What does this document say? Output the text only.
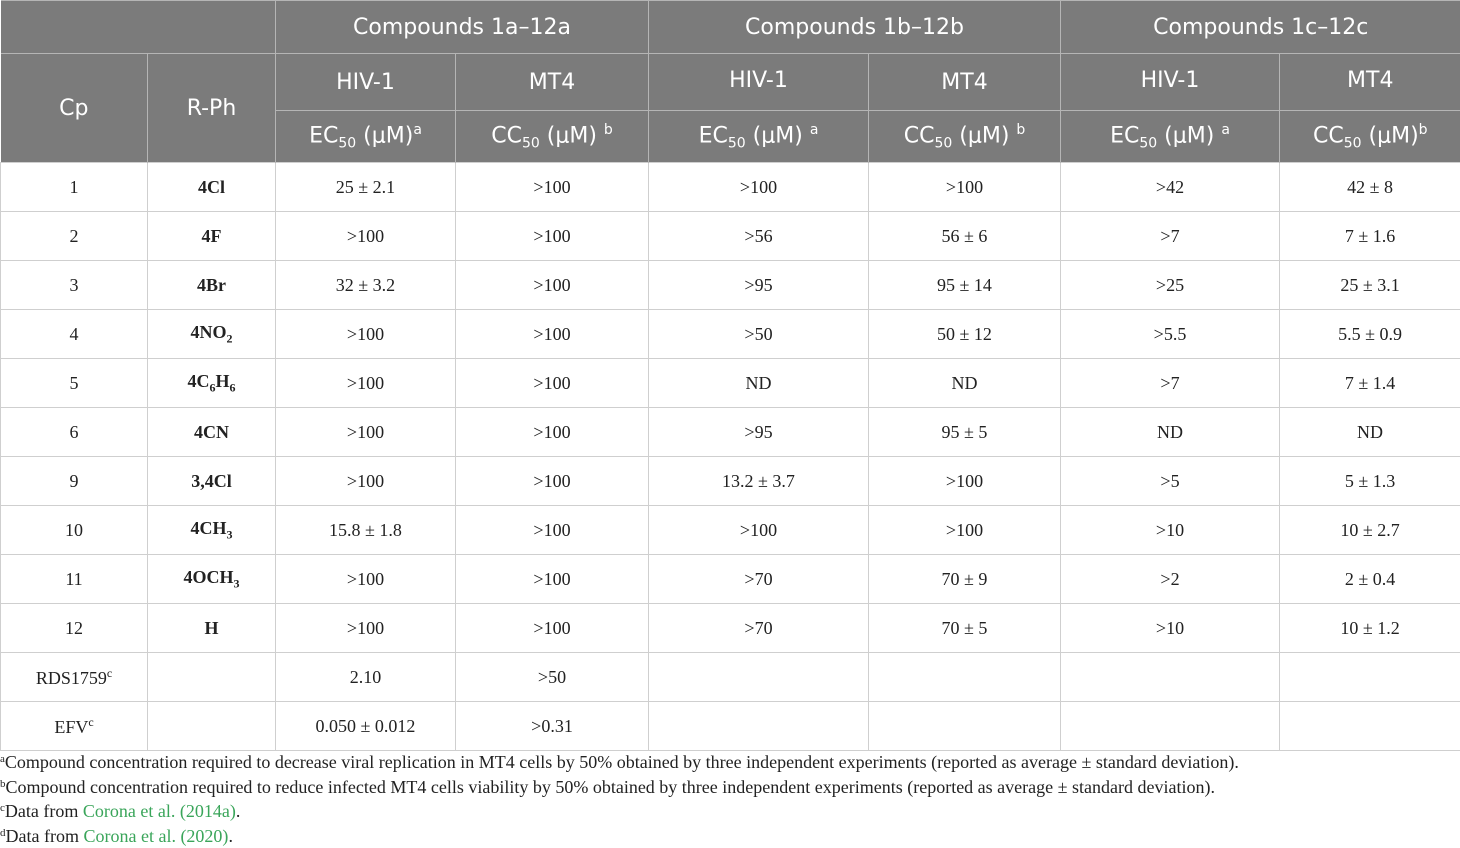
		Compounds 1a–12a		Compounds 1b–12b		Compounds 1c–12c	
Cp	R-Ph	HIV-1	MT4	HIV-1	MT4	HIV-1	MT4
		$EC_{50}$ $(\mu M)^a$	$CC_{50}$ (μM) $^b$	$EC_{50}$ (μM) $^a$	$CC_{50}$ (μM) $^b$	$EC_{50}$ (μM) $^a$	$CC_{50}$ $(\mu M)^b$
1	4Cl	25 ± 2.1	>100	>100	>100	>42	42 ± 8
2	4F	>100	>100	>56	56 ± 6	>7	7 ± 1.6
3	4Br	32 ± 3.2	>100	>95	95 ± 14	>25	25 ± 3.1
4	$4NO_2$	>100	>100	>50	50 ± 12	>5.5	5.5 ± 0.9
5	$4C_6H_6$	>100	>100	ND	ND	>7	7 ± 1.4
6	4CN	>100	>100	>95	95 ± 5	ND	ND
9	3,4Cl	>100	>100	13.2 ± 3.7	>100	>5	5 ± 1.3
10	$4CH_3$	15.8 ± 1.8	>100	>100	>100	>10	10 ± 2.7
11	$4OCH_3$	>100	>100	>70	70 ± 9	>2	2 ± 0.4
12	H	>100	>100	>70	70 ± 5	>10	10 ± 1.2
RDS1759$^c$		2.10	>50				
EFV$^c$		0.050 ± 0.012	>0.31				
$^a$Compound concentration required to decrease viral replication in MT4 cells by 50% obtained by three independent experiments (reported as average ± standard deviation).
$^b$Compound concentration required to reduce infected MT4 cells viability by 50% obtained by three independent experiments (reported as average ± standard deviation).
$^c$Data from Corona et al. (2014a).
$^d$Data from Corona et al. (2020).
